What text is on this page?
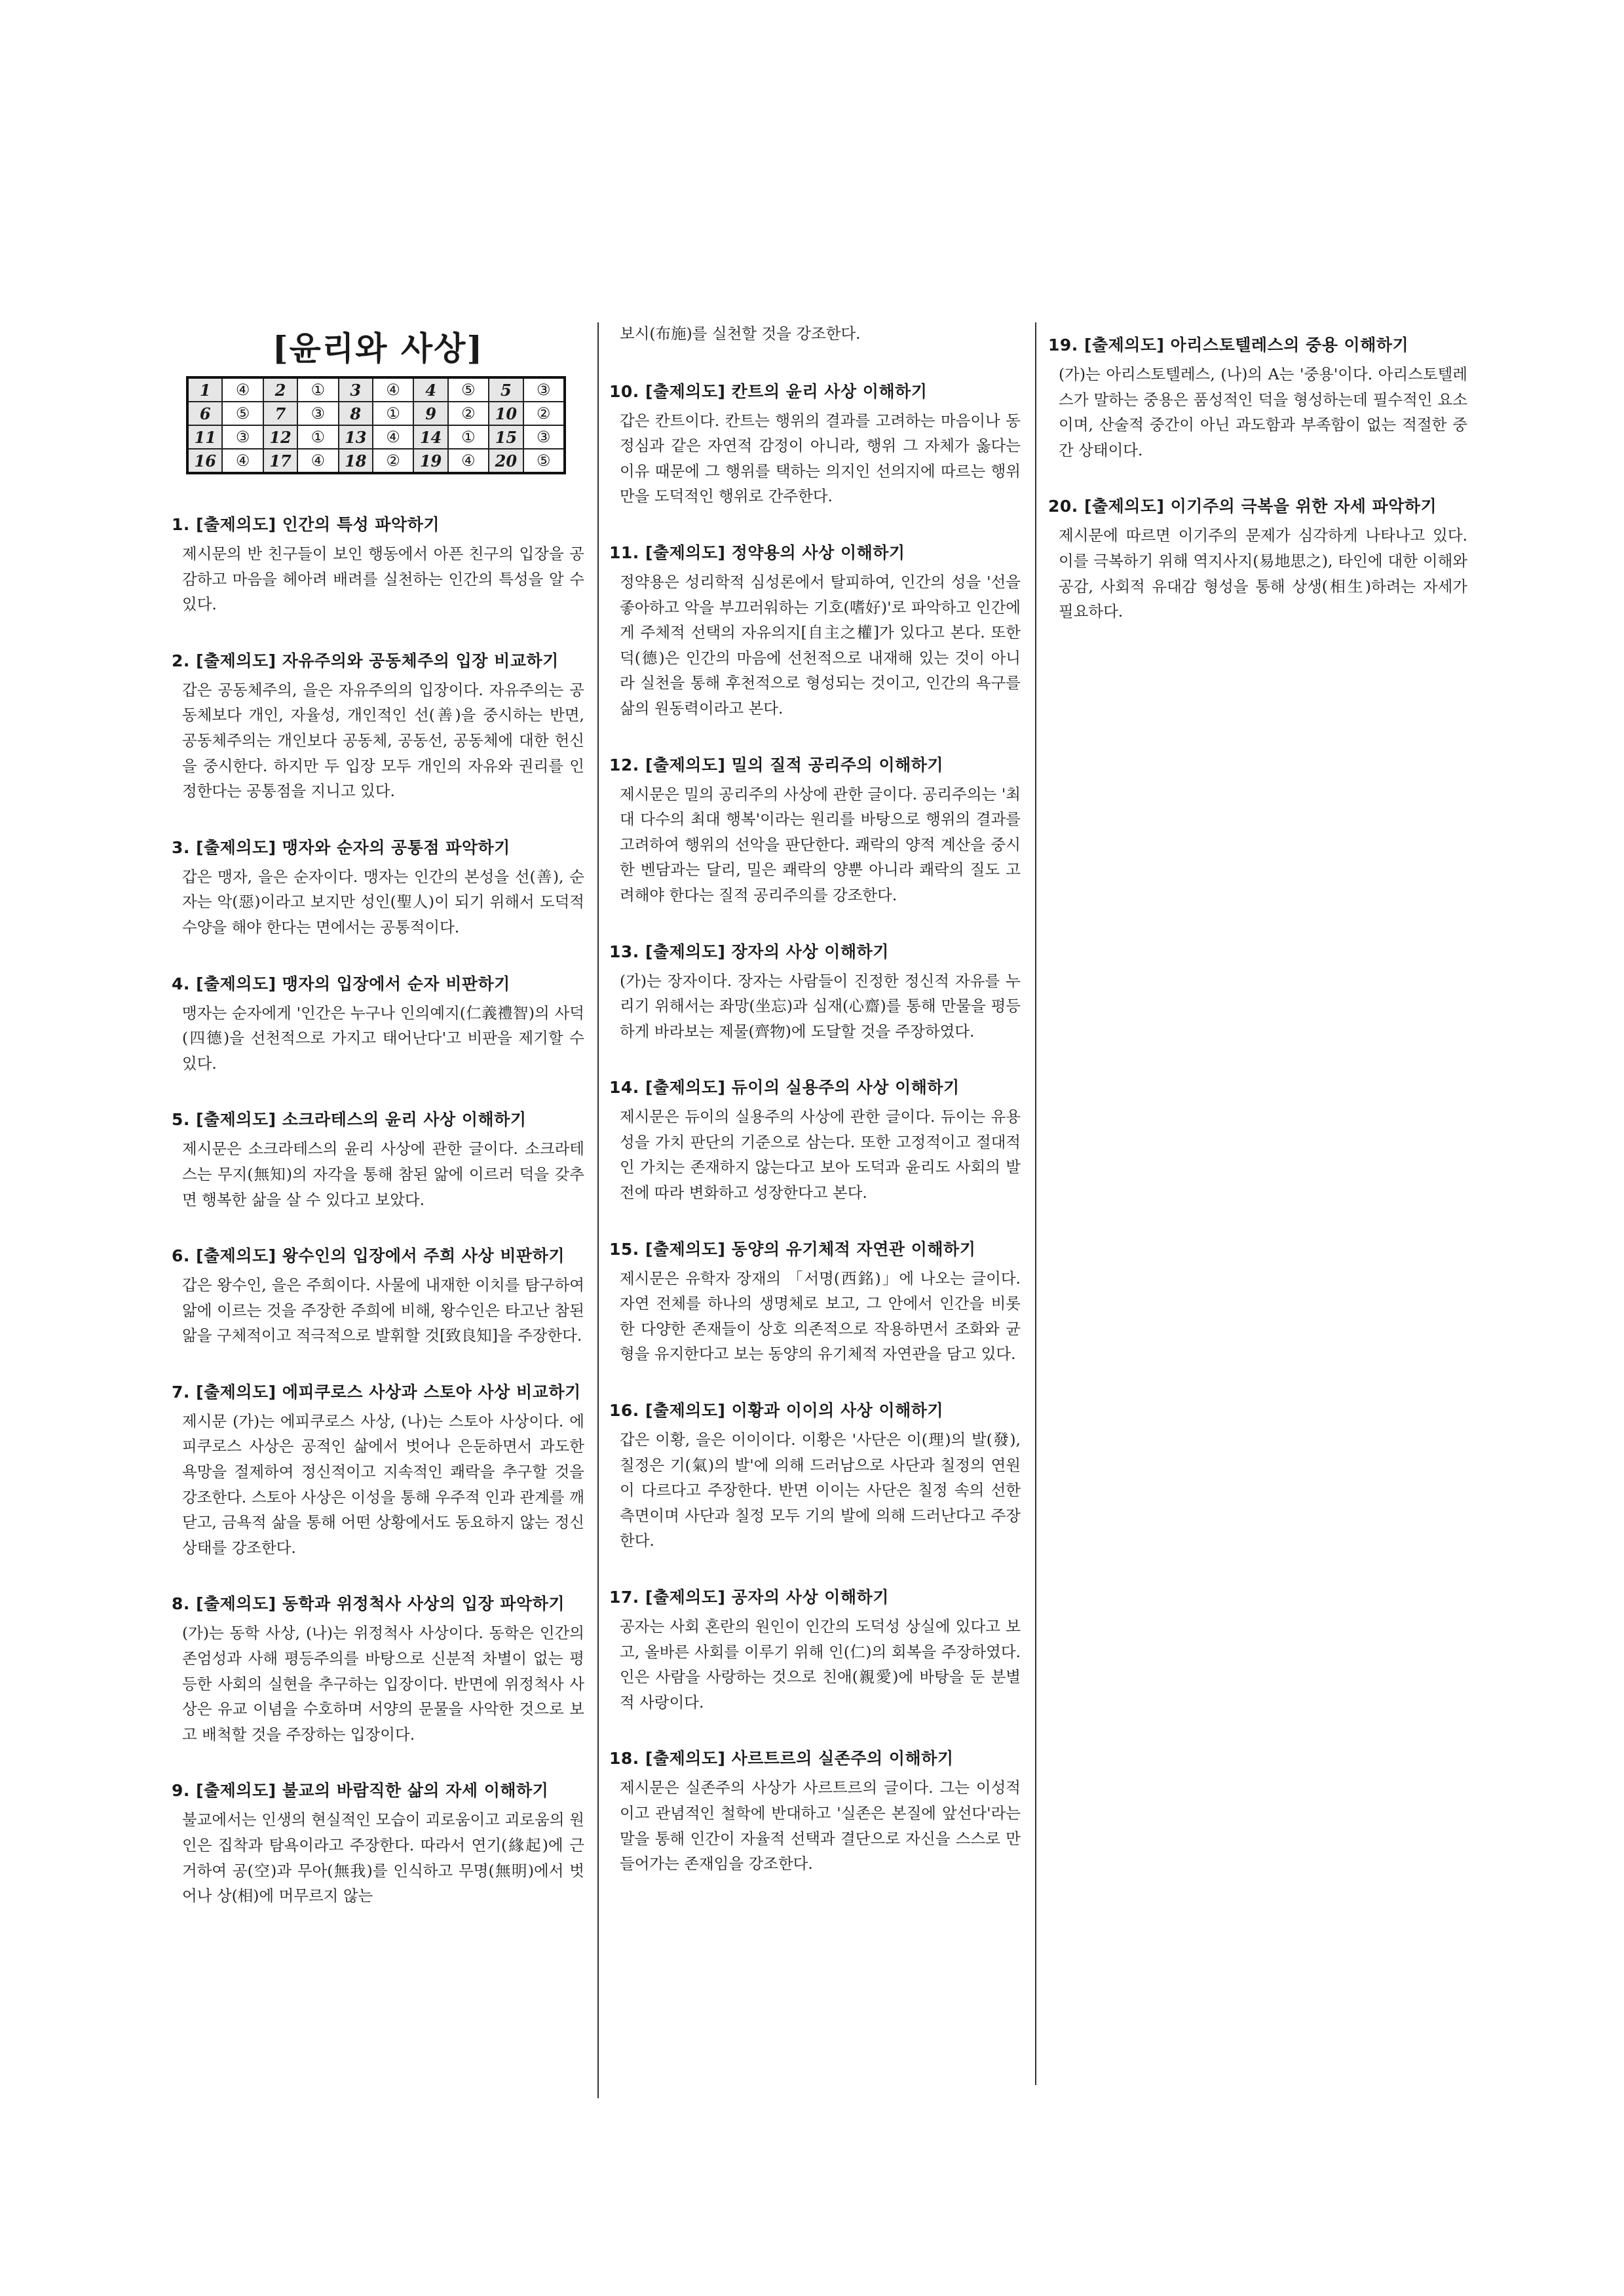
[윤리와 사상]
1	④	2	①	3	④	4	⑤	5	③
6	⑤	7	③	8	①	9	②	10	②
11	③	12	①	13	④	14	①	15	③
16	④	17	④	18	②	19	④	20	⑤
1. [출제의도] 인간의 특성 파악하기

제시문의 반 친구들이 보인 행동에서 아픈 친구의 입장을 공감하고 마음을 헤아려 배려를 실천하는 인간의 특성을 알 수 있다.

2. [출제의도] 자유주의와 공동체주의 입장 비교하기

갑은 공동체주의, 을은 자유주의의 입장이다. 자유주의는 공동체보다 개인, 자율성, 개인적인 선(善)을 중시하는 반면, 공동체주의는 개인보다 공동체, 공동선, 공동체에 대한 헌신을 중시한다. 하지만 두 입장 모두 개인의 자유와 권리를 인정한다는 공통점을 지니고 있다.

3. [출제의도] 맹자와 순자의 공통점 파악하기

갑은 맹자, 을은 순자이다. 맹자는 인간의 본성을 선(善), 순자는 악(惡)이라고 보지만 성인(聖人)이 되기 위해서 도덕적 수양을 해야 한다는 면에서는 공통적이다.

4. [출제의도] 맹자의 입장에서 순자 비판하기

맹자는 순자에게 '인간은 누구나 인의예지(仁義禮智)의 사덕(四德)을 선천적으로 가지고 태어난다'고 비판을 제기할 수 있다.

5. [출제의도] 소크라테스의 윤리 사상 이해하기

제시문은 소크라테스의 윤리 사상에 관한 글이다. 소크라테스는 무지(無知)의 자각을 통해 참된 앎에 이르러 덕을 갖추면 행복한 삶을 살 수 있다고 보았다.

6. [출제의도] 왕수인의 입장에서 주희 사상 비판하기

갑은 왕수인, 을은 주희이다. 사물에 내재한 이치를 탐구하여 앎에 이르는 것을 주장한 주희에 비해, 왕수인은 타고난 참된 앎을 구체적이고 적극적으로 발휘할 것[致良知]을 주장한다.

7. [출제의도] 에피쿠로스 사상과 스토아 사상 비교하기

제시문 (가)는 에피쿠로스 사상, (나)는 스토아 사상이다. 에피쿠로스 사상은 공적인 삶에서 벗어나 은둔하면서 과도한 욕망을 절제하여 정신적이고 지속적인 쾌락을 추구할 것을 강조한다. 스토아 사상은 이성을 통해 우주적 인과 관계를 깨닫고, 금욕적 삶을 통해 어떤 상황에서도 동요하지 않는 정신 상태를 강조한다.

8. [출제의도] 동학과 위정척사 사상의 입장 파악하기

(가)는 동학 사상, (나)는 위정척사 사상이다. 동학은 인간의 존엄성과 사해 평등주의를 바탕으로 신분적 차별이 없는 평등한 사회의 실현을 추구하는 입장이다. 반면에 위정척사 사상은 유교 이념을 수호하며 서양의 문물을 사악한 것으로 보고 배척할 것을 주장하는 입장이다.

9. [출제의도] 불교의 바람직한 삶의 자세 이해하기

불교에서는 인생의 현실적인 모습이 괴로움이고 괴로움의 원인은 집착과 탐욕이라고 주장한다. 따라서 연기(緣起)에 근거하여 공(空)과 무아(無我)를 인식하고 무명(無明)에서 벗어나 상(相)에 머무르지 않는

보시(布施)를 실천할 것을 강조한다.

10. [출제의도] 칸트의 윤리 사상 이해하기

갑은 칸트이다. 칸트는 행위의 결과를 고려하는 마음이나 동정심과 같은 자연적 감정이 아니라, 행위 그 자체가 옳다는 이유 때문에 그 행위를 택하는 의지인 선의지에 따르는 행위만을 도덕적인 행위로 간주한다.

11. [출제의도] 정약용의 사상 이해하기

정약용은 성리학적 심성론에서 탈피하여, 인간의 성을 '선을 좋아하고 악을 부끄러워하는 기호(嗜好)'로 파악하고 인간에게 주체적 선택의 자유의지[自主之權]가 있다고 본다. 또한 덕(德)은 인간의 마음에 선천적으로 내재해 있는 것이 아니라 실천을 통해 후천적으로 형성되는 것이고, 인간의 욕구를 삶의 원동력이라고 본다.

12. [출제의도] 밀의 질적 공리주의 이해하기

제시문은 밀의 공리주의 사상에 관한 글이다. 공리주의는 '최대 다수의 최대 행복'이라는 원리를 바탕으로 행위의 결과를 고려하여 행위의 선악을 판단한다. 쾌락의 양적 계산을 중시한 벤담과는 달리, 밀은 쾌락의 양뿐 아니라 쾌락의 질도 고려해야 한다는 질적 공리주의를 강조한다.

13. [출제의도] 장자의 사상 이해하기

(가)는 장자이다. 장자는 사람들이 진정한 정신적 자유를 누리기 위해서는 좌망(坐忘)과 심재(心齋)를 통해 만물을 평등하게 바라보는 제물(齊物)에 도달할 것을 주장하였다.

14. [출제의도] 듀이의 실용주의 사상 이해하기

제시문은 듀이의 실용주의 사상에 관한 글이다. 듀이는 유용성을 가치 판단의 기준으로 삼는다. 또한 고정적이고 절대적인 가치는 존재하지 않는다고 보아 도덕과 윤리도 사회의 발전에 따라 변화하고 성장한다고 본다.

15. [출제의도] 동양의 유기체적 자연관 이해하기

제시문은 유학자 장재의 「서명(西銘)」에 나오는 글이다. 자연 전체를 하나의 생명체로 보고, 그 안에서 인간을 비롯한 다양한 존재들이 상호 의존적으로 작용하면서 조화와 균형을 유지한다고 보는 동양의 유기체적 자연관을 담고 있다.

16. [출제의도] 이황과 이이의 사상 이해하기

갑은 이황, 을은 이이이다. 이황은 '사단은 이(理)의 발(發), 칠정은 기(氣)의 발'에 의해 드러남으로 사단과 칠정의 연원이 다르다고 주장한다. 반면 이이는 사단은 칠정 속의 선한 측면이며 사단과 칠정 모두 기의 발에 의해 드러난다고 주장한다.

17. [출제의도] 공자의 사상 이해하기

공자는 사회 혼란의 원인이 인간의 도덕성 상실에 있다고 보고, 올바른 사회를 이루기 위해 인(仁)의 회복을 주장하였다. 인은 사람을 사랑하는 것으로 친애(親愛)에 바탕을 둔 분별적 사랑이다.

18. [출제의도] 사르트르의 실존주의 이해하기

제시문은 실존주의 사상가 사르트르의 글이다. 그는 이성적이고 관념적인 철학에 반대하고 '실존은 본질에 앞선다'라는 말을 통해 인간이 자율적 선택과 결단으로 자신을 스스로 만들어가는 존재임을 강조한다.

19. [출제의도] 아리스토텔레스의 중용 이해하기

(가)는 아리스토텔레스, (나)의 A는 '중용'이다. 아리스토텔레스가 말하는 중용은 품성적인 덕을 형성하는데 필수적인 요소이며, 산술적 중간이 아닌 과도함과 부족함이 없는 적절한 중간 상태이다.

20. [출제의도] 이기주의 극복을 위한 자세 파악하기

제시문에 따르면 이기주의 문제가 심각하게 나타나고 있다. 이를 극복하기 위해 역지사지(易地思之), 타인에 대한 이해와 공감, 사회적 유대감 형성을 통해 상생(相生)하려는 자세가 필요하다.
